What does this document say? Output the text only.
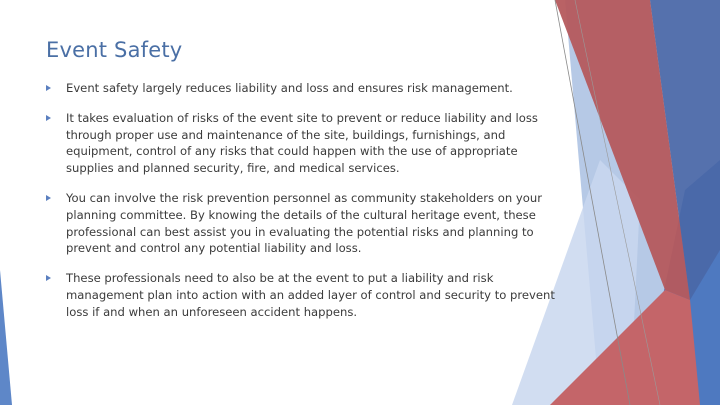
Event Safety
Event safety largely reduces liability and loss and ensures risk management.
It takes evaluation of risks of the event site to prevent or reduce liability and loss through proper use and maintenance of the site, buildings, furnishings, and equipment, control of any risks that could happen with the use of appropriate supplies and planned security, fire, and medical services.
You can involve the risk prevention personnel as community stakeholders on your planning committee. By knowing the details of the cultural heritage event, these professional can best assist you in evaluating the potential risks and planning to prevent and control any potential liability and loss.
These professionals need to also be at the event to put a liability and risk management plan into action with an added layer of control and security to prevent loss if and when an unforeseen accident happens.
